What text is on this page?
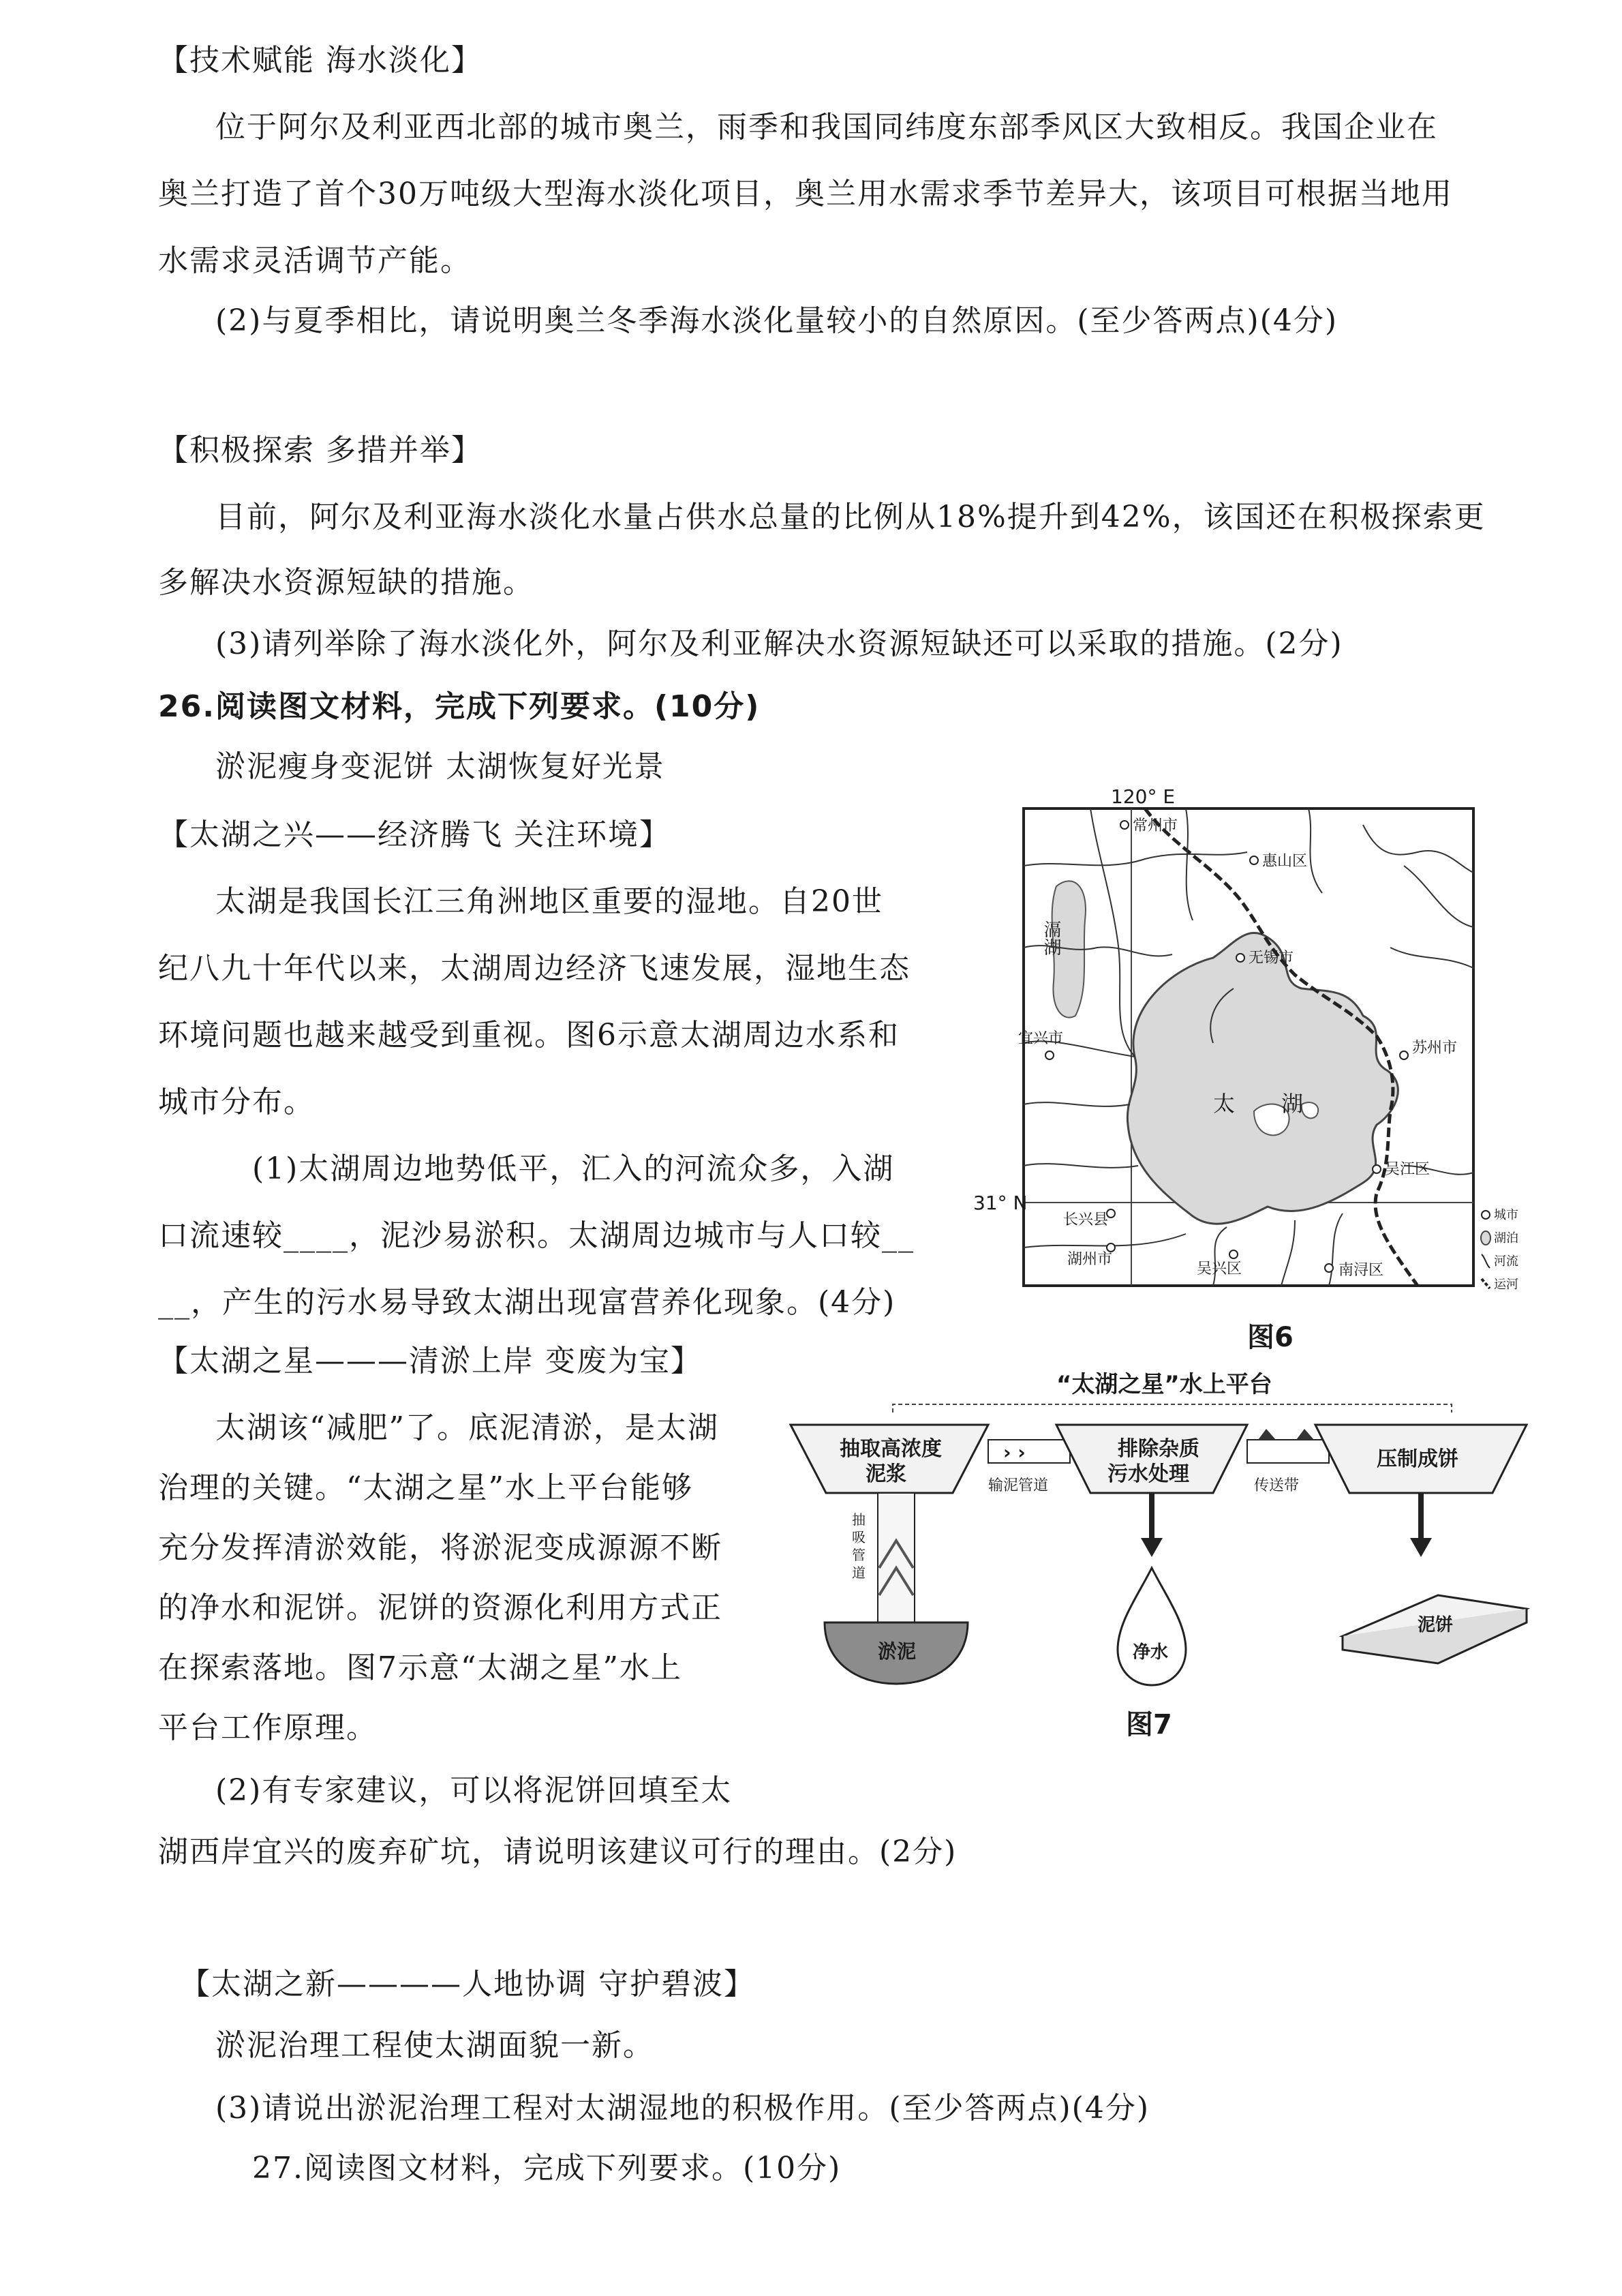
【技术赋能 海水淡化】
位于阿尔及利亚西北部的城市奥兰，雨季和我国同纬度东部季风区大致相反。我国企业在
奥兰打造了首个30万吨级大型海水淡化项目，奥兰用水需求季节差异大，该项目可根据当地用
水需求灵活调节产能。
(2)与夏季相比，请说明奥兰冬季海水淡化量较小的自然原因。(至少答两点)(4分)
【积极探索 多措并举】
目前，阿尔及利亚海水淡化水量占供水总量的比例从18%提升到42%，该国还在积极探索更
多解决水资源短缺的措施。
(3)请列举除了海水淡化外，阿尔及利亚解决水资源短缺还可以采取的措施。(2分)
26.阅读图文材料，完成下列要求。(10分)
淤泥瘦身变泥饼 太湖恢复好光景
【太湖之兴——经济腾飞 关注环境】
太湖是我国长江三角洲地区重要的湿地。自20世
纪八九十年代以来，太湖周边经济飞速发展，湿地生态
环境问题也越来越受到重视。图6示意太湖周边水系和
城市分布。
(1)太湖周边地势低平，汇入的河流众多，入湖
口流速较____，泥沙易淤积。太湖周边城市与人口较__
__，产生的污水易导致太湖出现富营养化现象。(4分)
【太湖之星———清淤上岸 变废为宝】
太湖该“减肥”了。底泥清淤，是太湖
治理的关键。“太湖之星”水上平台能够
充分发挥清淤效能，将淤泥变成源源不断
的净水和泥饼。泥饼的资源化利用方式正
在探索落地。图7示意“太湖之星”水上
平台工作原理。
(2)有专家建议，可以将泥饼回填至太
湖西岸宜兴的废弃矿坑，请说明该建议可行的理由。(2分)
【太湖之新————人地协调 守护碧波】
淤泥治理工程使太湖面貌一新。
(3)请说出淤泥治理工程对太湖湿地的积极作用。(至少答两点)(4分)
27.阅读图文材料，完成下列要求。(10分)
120° E
31° N
滆湖
太 湖
常州市
惠山区
无锡市
宜兴市
苏州市
长兴县
湖州市
吴兴区
吴江区
南浔区
城市
湖泊
河流
运河
图6
“太湖之星”水上平台
抽取高浓度
泥浆
› ›
输泥管道
排除杂质
污水处理	传送带
压制成饼
抽
吸
管
道
淤泥	净水
泥饼
图7
